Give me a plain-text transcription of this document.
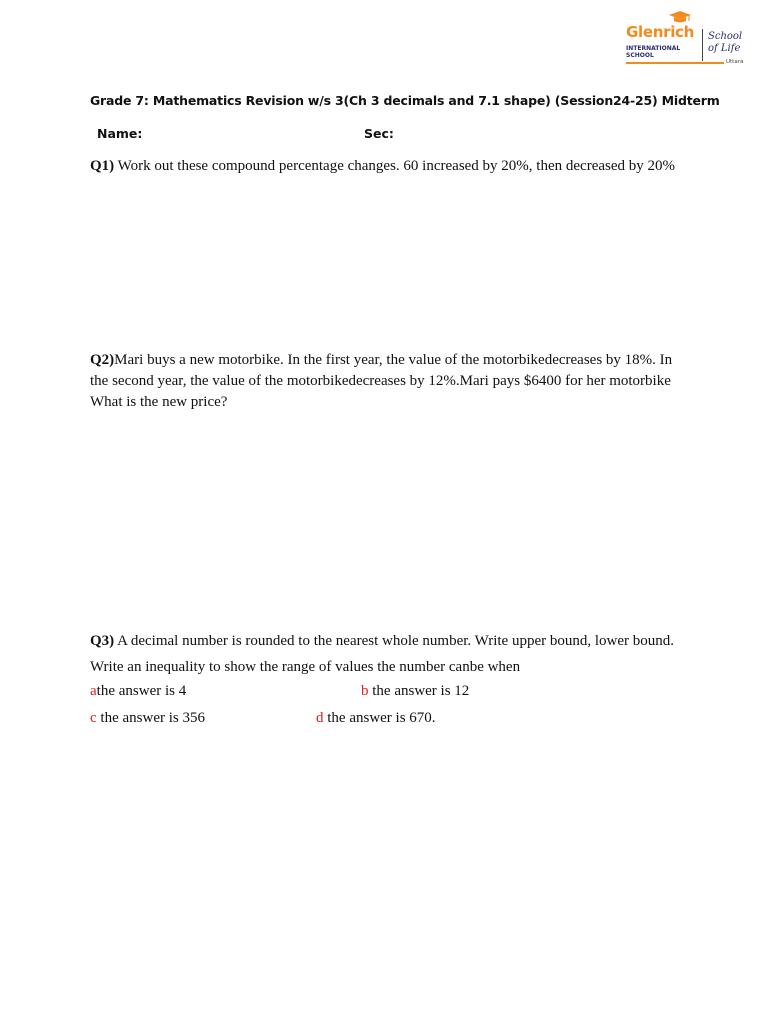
Glenrich
INTERNATIONAL
SCHOOL
School
of Life
Uttara
Grade 7: Mathematics Revision w/s 3(Ch 3 decimals and 7.1 shape) (Session24-25) Midterm
Name:	Sec:
Q1) Work out these compound percentage changes. 60 increased by 20%, then decreased by 20%
Q2)Mari buys a new motorbike. In the first year, the value of the motorbikedecreases by 18%. In the second year, the value of the motorbikedecreases by 12%.Mari pays $6400 for her motorbike What is the new price?
Q3) A decimal number is rounded to the nearest whole number. Write upper bound, lower bound. Write an inequality to show the range of values the number canbe when
athe answer is 4	b the answer is 12
c the answer is 356	d the answer is 670.
